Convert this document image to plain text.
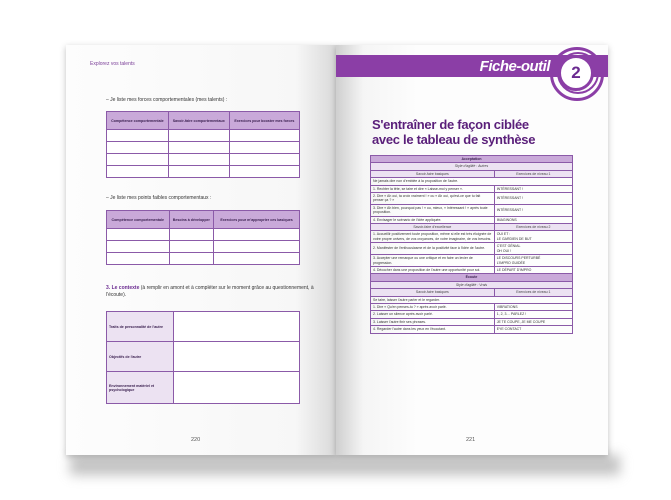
Explorez vos talents
– Je liste mes forces comportementales (mes talents) :
Compétence comportementale	Savoir-faire comportementaux	Exercices pour booster mes forces

– Je liste mes points faibles comportementaux :
Compétence comportementale	Besoins à développer	Exercices pour m'approprier ces basiques

3. Le contexte (à remplir en amont et à compléter sur le moment grâce au questionnement, à l'écoute).
Traits de personnalité de l'autre	
Objectifs de l'autre	
Environnement matériel et psychologique	
220
Fiche-outil	2
S'entraîner de façon ciblée
avec le tableau de synthèse
Acceptation	
Style d'agilité : Autres	
Savoir-faire basiques	Exercices de niveau 1
Ne jamais dire non d'emblée à la proposition de l'autre.	
1. Rechter la tête, se taire et dire « Laisse-moi y penser ».	INTÉRESSANT !
2. Dire « Ah oui, ta croix vraiment ! » ou « Ah oui, qu'est-ce que tu fait penser ça ? »	INTÉRESSANT !
3. Dire « Ah bien, pourquoi pas ! » ou, mieux, « Intéressant ! » après toute proposition.	INTÉRESSANT !
4. Envisager le scénario de l'idée appliquée.	IMAGINONS
Savoir-faire d'excellence	Exercices de niveau 2
1. Accueillir positivement toute proposition, même si elle est très éloignée de votre propre univers, de vos croyances, de votre imaginaire, de vos besoins.	OUI ET :
LE GARDIEN DE BUT
2. Manifester de l'enthousiasme et de la positivité face à l'idée de l'autre.	C'EST GÉNIAL
OH OUI !
3. Accepter une remarque ou une critique et en faire un levier de progression.	LE DISCOURS PERTURBÉ
L'IMPRO GUIDÉE
4. Décocher dans une proposition de l'autre une opportunité pour soi.	LE DÉPART D'IMPRO
Écoute	
Style d'agilité : Vrais	
Savoir-faire basiques	Exercices de niveau 1
Se taire, laisser l'autre parler et le regarder.	
1. Dire « Qu'en penses-tu ? » après avoir parlé.	VIBRATIONS
2. Laisser un silence après avoir parlé.	1, 2, 3… PARLEZ !
3. Laisser l'autre finir ses phrases.	JE TE COUPE, JE ME COUPE
4. Regarder l'autre dans les yeux en l'écoutant.	EYE CONTACT
221
